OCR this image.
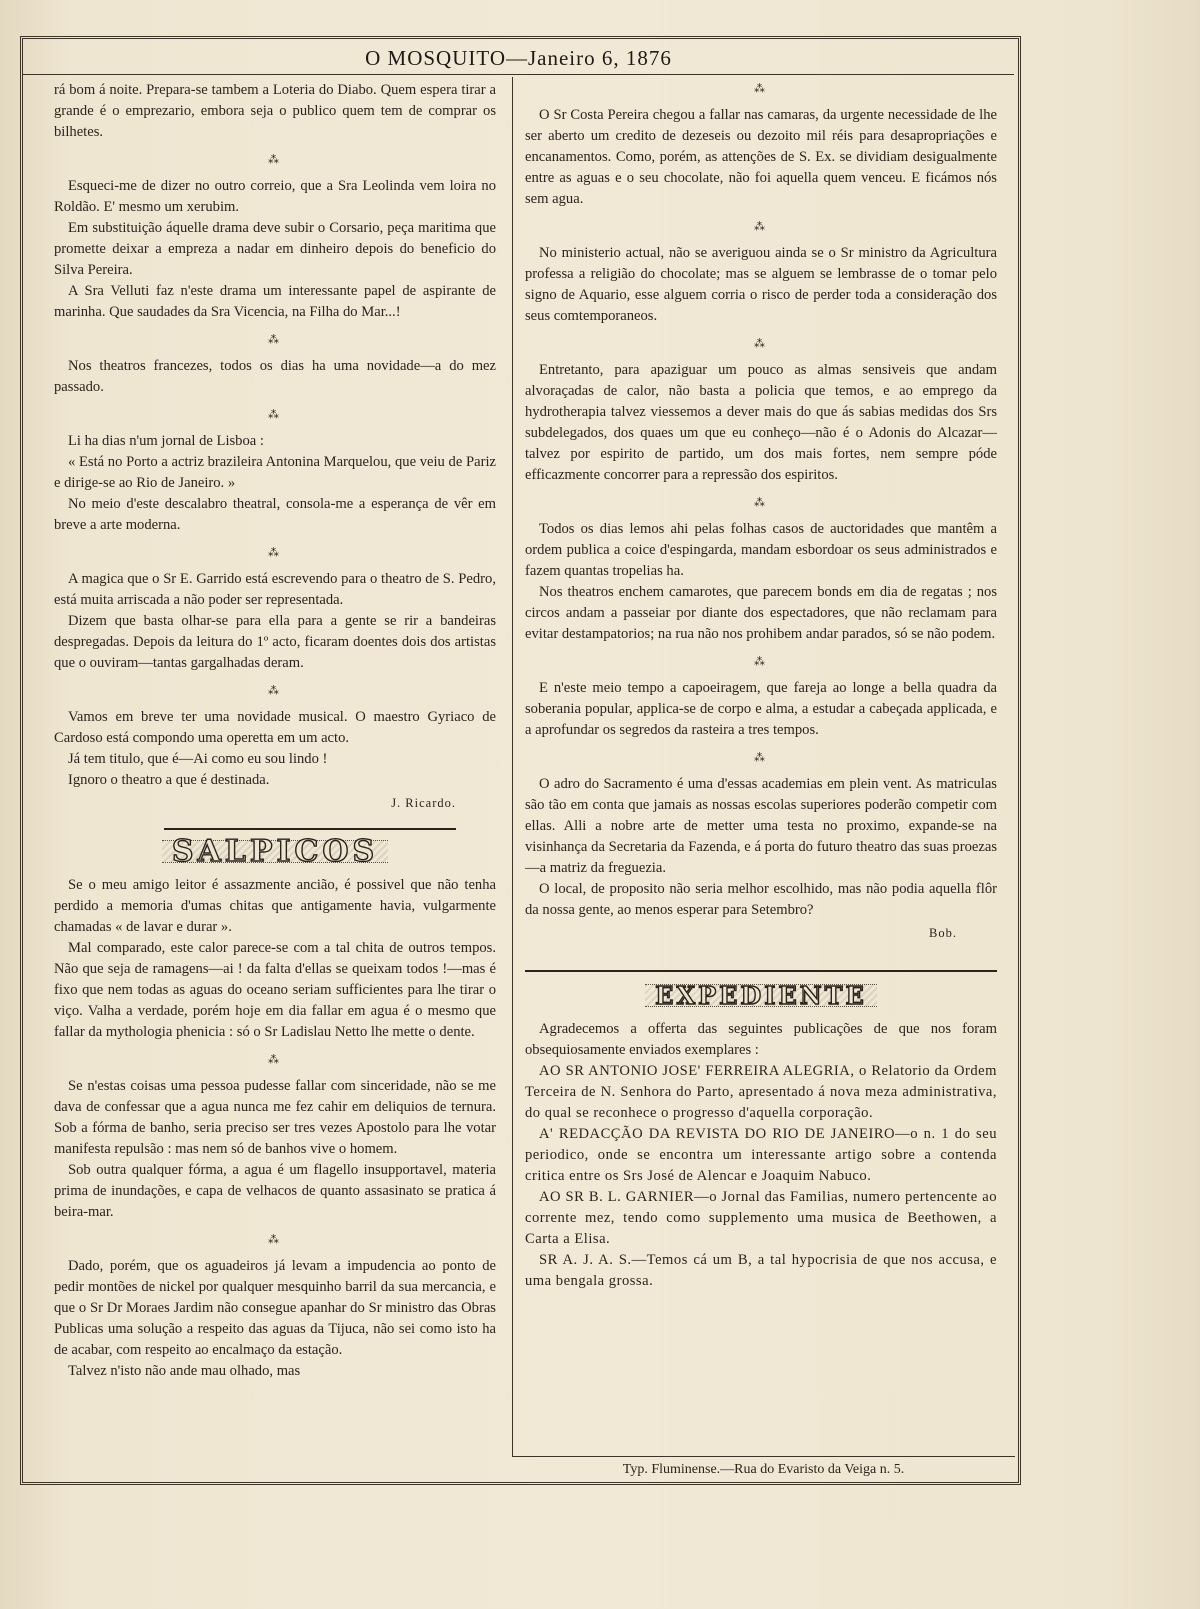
O MOSQUITO—Janeiro 6, 1876

rá bom á noite. Prepara-se tambem a Loteria do Diabo. Quem espera tirar a grande é o emprezario, embora seja o publico quem tem de comprar os bilhetes.

⁂

Esqueci-me de dizer no outro correio, que a Sra Leolinda vem loira no Roldão. E' mesmo um xerubim.

Em substituição áquelle drama deve subir o Corsario, peça maritima que promette deixar a empreza a nadar em dinheiro depois do beneficio do Silva Pereira.

A Sra Velluti faz n'este drama um interessante papel de aspirante de marinha. Que saudades da Sra Vicencia, na Filha do Mar...!

⁂

Nos theatros francezes, todos os dias ha uma novidade—a do mez passado.

⁂

Li ha dias n'um jornal de Lisboa :

« Está no Porto a actriz brazileira Antonina Marquelou, que veiu de Pariz e dirige-se ao Rio de Janeiro. »

No meio d'este descalabro theatral, consola-me a esperança de vêr em breve a arte moderna.

⁂

A magica que o Sr E. Garrido está escrevendo para o theatro de S. Pedro, está muita arriscada a não poder ser representada.

Dizem que basta olhar-se para ella para a gente se rir a bandeiras despregadas. Depois da leitura do 1º acto, ficaram doentes dois dos artistas que o ouviram—tantas gargalhadas deram.

⁂

Vamos em breve ter uma novidade musical. O maestro Gyriaco de Cardoso está compondo uma operetta em um acto.

Já tem titulo, que é—Ai como eu sou lindo !

Ignoro o theatro a que é destinada.

J. Ricardo.
SALPICOS

Se o meu amigo leitor é assazmente ancião, é possivel que não tenha perdido a memoria d'umas chitas que antigamente havia, vulgarmente chamadas « de lavar e durar ».

Mal comparado, este calor parece-se com a tal chita de outros tempos. Não que seja de ramagens—ai ! da falta d'ellas se queixam todos !—mas é fixo que nem todas as aguas do oceano seriam sufficientes para lhe tirar o viço. Valha a verdade, porém hoje em dia fallar em agua é o mesmo que fallar da mythologia phenicia : só o Sr Ladislau Netto lhe mette o dente.

⁂

Se n'estas coisas uma pessoa pudesse fallar com sinceridade, não se me dava de confessar que a agua nunca me fez cahir em deliquios de ternura. Sob a fórma de banho, seria preciso ser tres vezes Apostolo para lhe votar manifesta repulsão : mas nem só de banhos vive o homem.

Sob outra qualquer fórma, a agua é um flagello insupportavel, materia prima de inundações, e capa de velhacos de quanto assasinato se pratica á beira-mar.

⁂

Dado, porém, que os aguadeiros já levam a impudencia ao ponto de pedir montões de nickel por qualquer mesquinho barril da sua mercancia, e que o Sr Dr Moraes Jardim não consegue apanhar do Sr ministro das Obras Publicas uma solução a respeito das aguas da Tijuca, não sei como isto ha de acabar, com respeito ao encalmaço da estação.

Talvez n'isto não ande mau olhado, mas

⁂

O Sr Costa Pereira chegou a fallar nas camaras, da urgente necessidade de lhe ser aberto um credito de dezeseis ou dezoito mil réis para desapropriações e encanamentos. Como, porém, as attenções de S. Ex. se dividiam desigualmente entre as aguas e o seu chocolate, não foi aquella quem venceu. E ficámos nós sem agua.

⁂

No ministerio actual, não se averiguou ainda se o Sr ministro da Agricultura professa a religião do chocolate; mas se alguem se lembrasse de o tomar pelo signo de Aquario, esse alguem corria o risco de perder toda a consideração dos seus comtemporaneos.

⁂

Entretanto, para apaziguar um pouco as almas sensiveis que andam alvoraçadas de calor, não basta a policia que temos, e ao emprego da hydrotherapia talvez viessemos a dever mais do que ás sabias medidas dos Srs subdelegados, dos quaes um que eu conheço—não é o Adonis do Alcazar—talvez por espirito de partido, um dos mais fortes, nem sempre póde efficazmente concorrer para a repressão dos espiritos.

⁂

Todos os dias lemos ahi pelas folhas casos de auctoridades que mantêm a ordem publica a coice d'espingarda, mandam esbordoar os seus administrados e fazem quantas tropelias ha.

Nos theatros enchem camarotes, que parecem bonds em dia de regatas ; nos circos andam a passeiar por diante dos espectadores, que não reclamam para evitar destampatorios; na rua não nos prohibem andar parados, só se não podem.

⁂

E n'este meio tempo a capoeiragem, que fareja ao longe a bella quadra da soberania popular, applica-se de corpo e alma, a estudar a cabeçada applicada, e a aprofundar os segredos da rasteira a tres tempos.

⁂

O adro do Sacramento é uma d'essas academias em plein vent. As matriculas são tão em conta que jamais as nossas escolas superiores poderão competir com ellas. Alli a nobre arte de metter uma testa no proximo, expande-se na visinhança da Secretaria da Fazenda, e á porta do futuro theatro das suas proezas—a matriz da freguezia.

O local, de proposito não seria melhor escolhido, mas não podia aquella flôr da nossa gente, ao menos esperar para Setembro?

Bob.
EXPEDIENTE

Agradecemos a offerta das seguintes publicações de que nos foram obsequiosamente enviados exemplares :

AO SR ANTONIO JOSE' FERREIRA ALEGRIA, o Relatorio da Ordem Terceira de N. Senhora do Parto, apresentado á nova meza administrativa, do qual se reconhece o progresso d'aquella corporação.

A' REDACÇÃO DA REVISTA DO RIO DE JANEIRO—o n. 1 do seu periodico, onde se encontra um interessante artigo sobre a contenda critica entre os Srs José de Alencar e Joaquim Nabuco.

AO SR B. L. GARNIER—o Jornal das Familias, numero pertencente ao corrente mez, tendo como supplemento uma musica de Beethowen, a Carta a Elisa.

SR A. J. A. S.—Temos cá um B, a tal hypocrisia de que nos accusa, e uma bengala grossa.

Typ. Fluminense.—Rua do Evaristo da Veiga n. 5.
